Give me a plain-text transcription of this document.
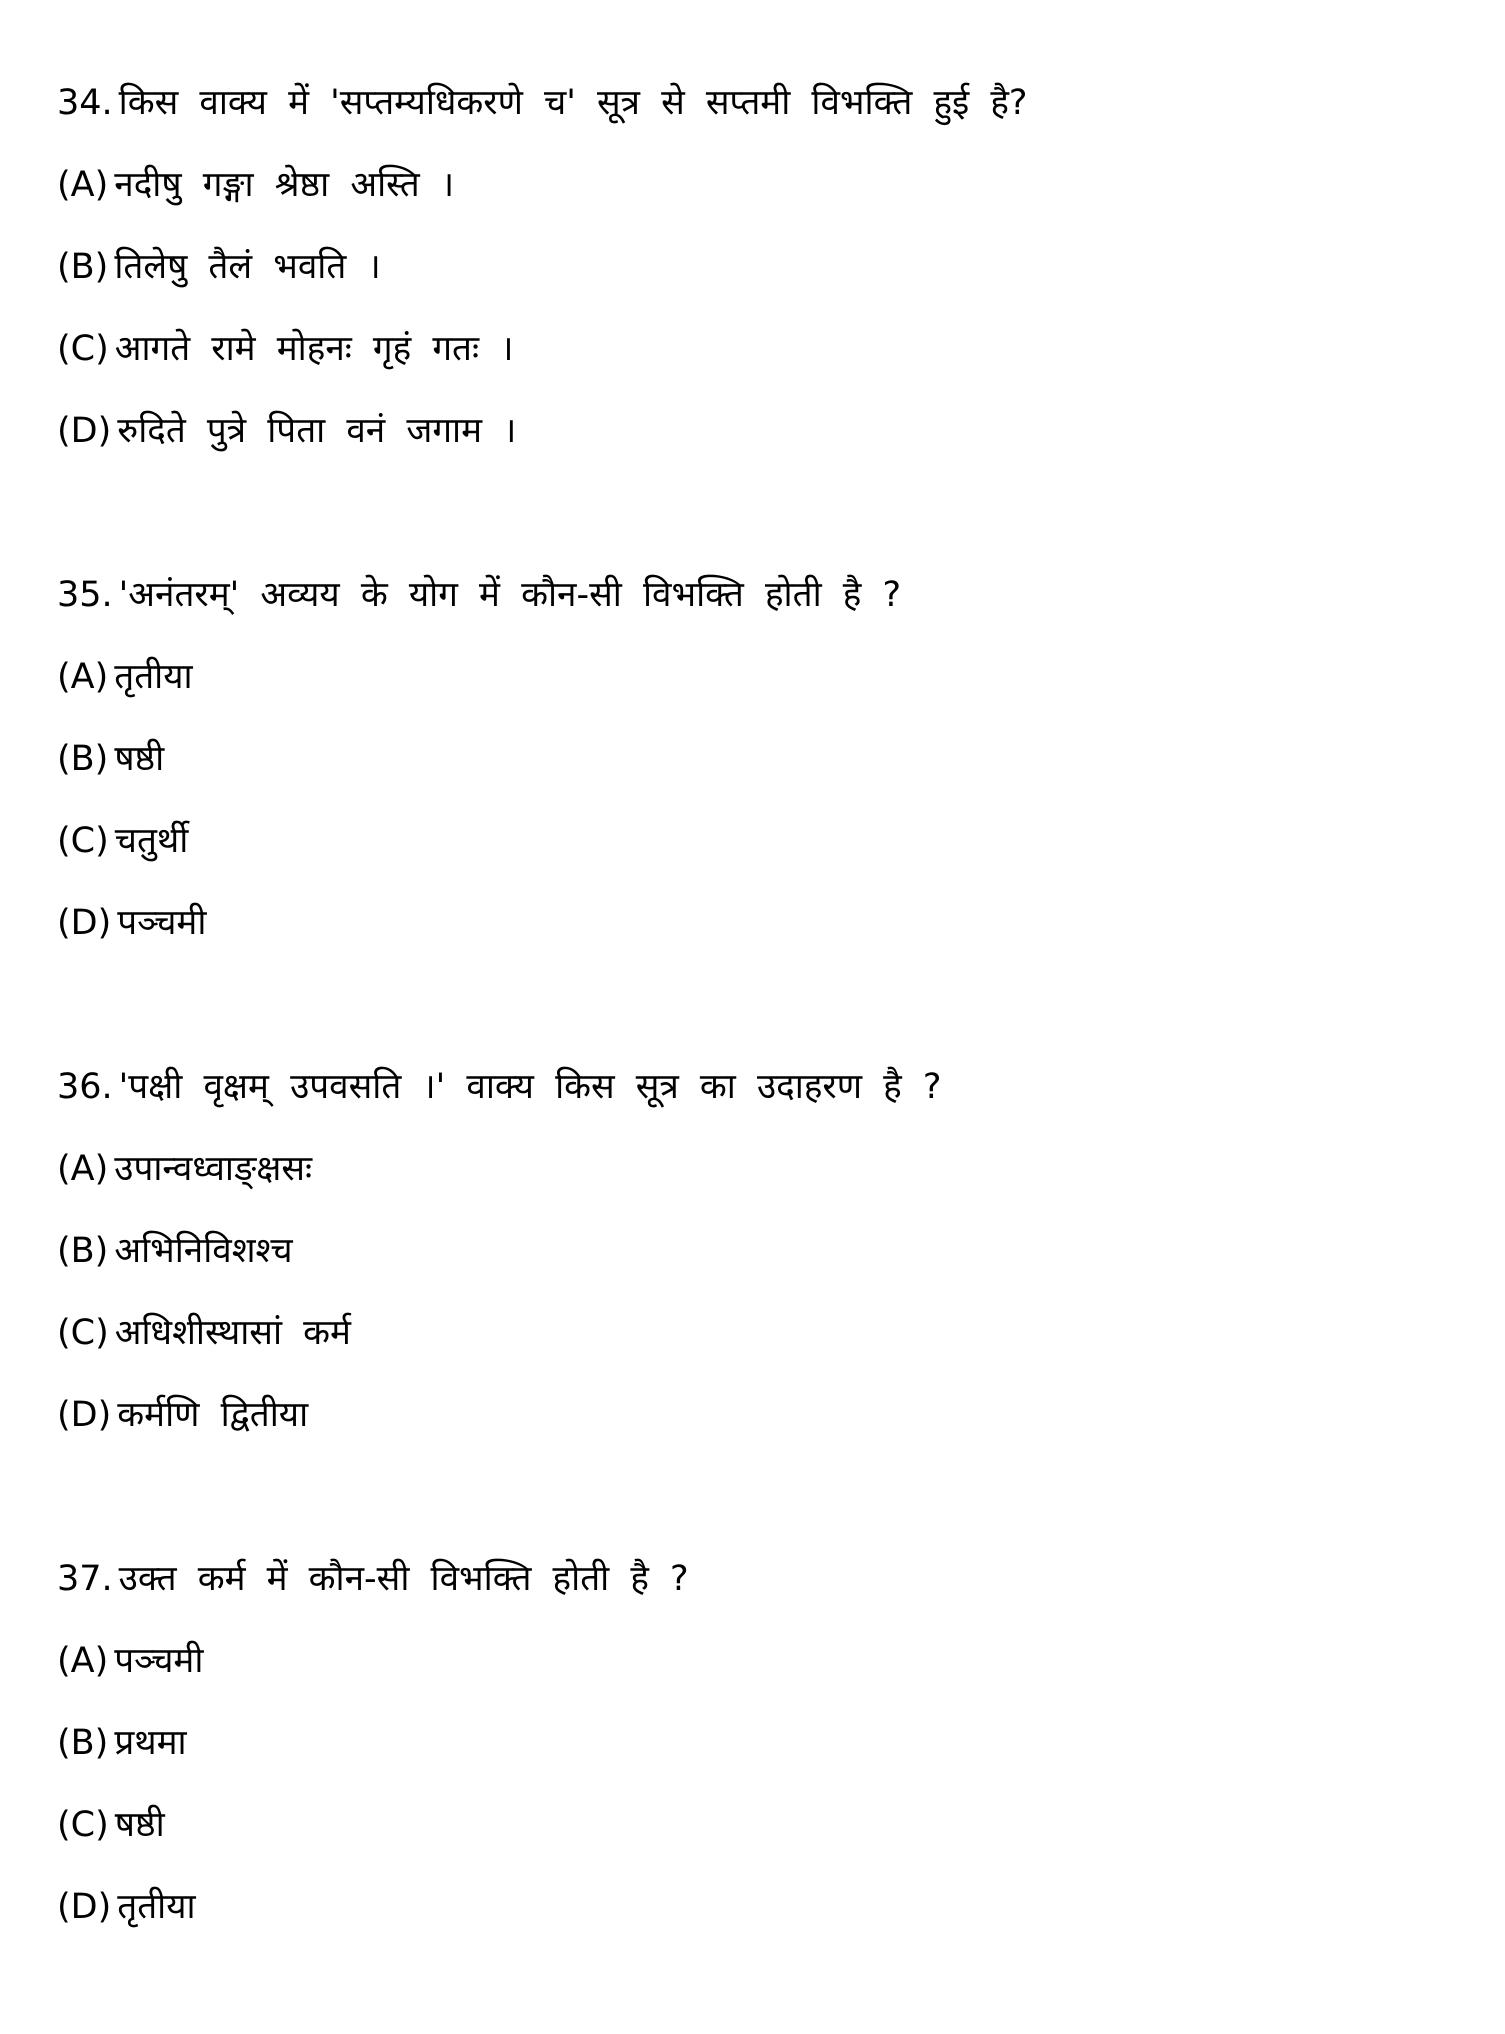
34. किस वाक्य में 'सप्तम्यधिकरणे च' सूत्र से सप्तमी विभक्ति हुई है?
(A) नदीषु गङ्गा श्रेष्ठा अस्ति ।
(B) तिलेषु तैलं भवति ।
(C) आगते रामे मोहनः गृहं गतः ।
(D) रुदिते पुत्रे पिता वनं जगाम ।
35. 'अनंतरम्' अव्यय के योग में कौन-सी विभक्ति होती है ?
(A) तृतीया
(B) षष्ठी
(C) चतुर्थी
(D) पञ्चमी
36. 'पक्षी वृक्षम् उपवसति ।' वाक्य किस सूत्र का उदाहरण है ?
(A) उपान्वध्वाङ्क्षसः
(B) अभिनिविशश्च
(C) अधिशीस्थासां कर्म
(D) कर्मणि द्वितीया
37. उक्त कर्म में कौन-सी विभक्ति होती है ?
(A) पञ्चमी
(B) प्रथमा
(C) षष्ठी
(D) तृतीया
